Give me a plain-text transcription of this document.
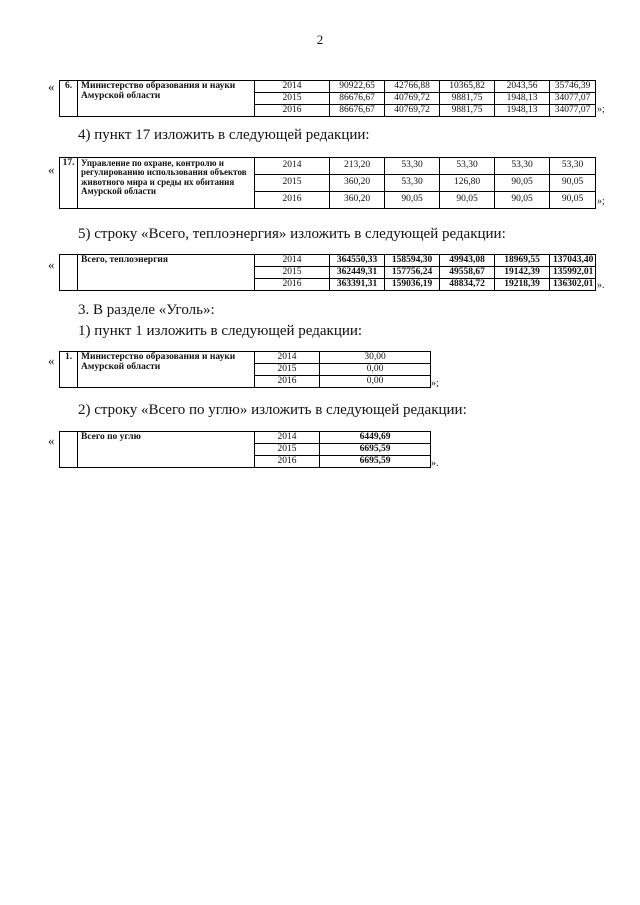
2
« 6.	Министерство образования и науки Амурской области	2014	90922,65	42766,88	10365,82	2043,56	35746,39
		2015	86676,67	40769,72	9881,75	1948,13	34077,07
		2016	86676,67	40769,72	9881,75	1948,13	34077,07 »;
4) пункт 17 изложить в следующей редакции:
« 17.	Управление по охране, контролю и регулированию использования объектов животного мира и среды их обитания Амурской области	2014	213,20	53,30	53,30	53,30	53,30
		2015	360,20	53,30	126,80	90,05	90,05
		2016	360,20	90,05	90,05	90,05	90,05 »;
5) строку «Всего, теплоэнергия» изложить в следующей редакции:
«
		Всего, теплоэнергия	2014	364550,33	158594,30	49943,08	18969,55	137043,40
		2015	362449,31	157756,24	49558,67	19142,39	135992,01
		2016	363391,31	159036,19	48834,72	19218,39	136302,01 ».
3. В разделе «Уголь»:
1) пункт 1 изложить в следующей редакции:
« 1.	Министерство образования и науки Амурской области	2014	30,00
		2015	0,00
		2016	0,00	»;
2) строку «Всего по углю» изложить в следующей редакции:
«
		Всего по углю	2014	6449,69
		2015	6695,59
		2016	6695,59	».
